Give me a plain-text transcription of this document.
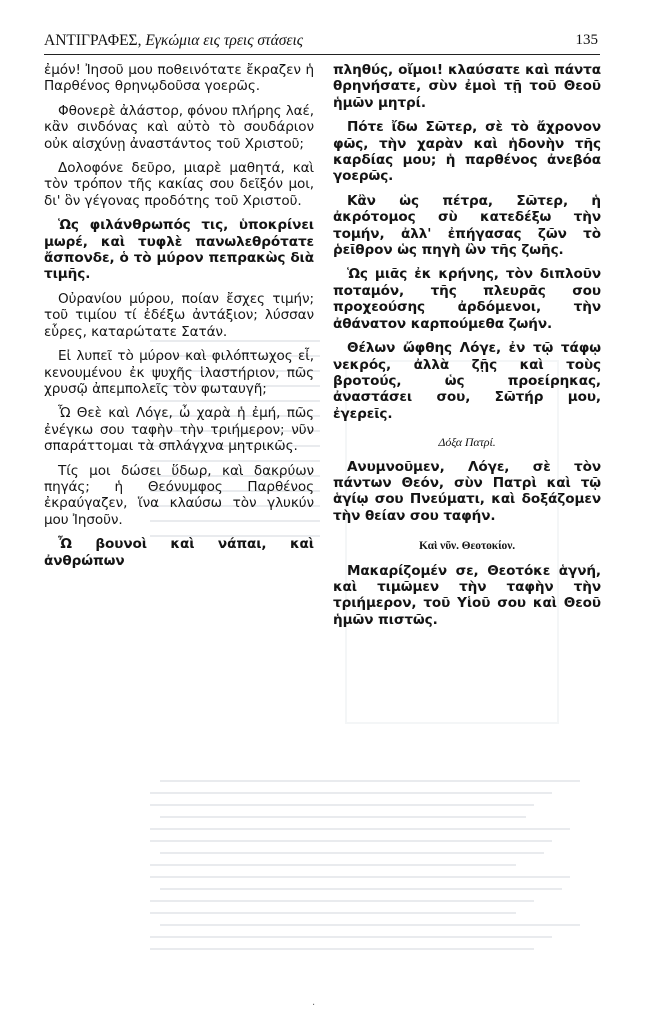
ΑΝΤΙΓΡΑΦΕΣ, Εγκώμια εις τρεις στάσεις	135

ἐμόν! Ἰησοῦ μου ποθεινότατε ἔκραζεν ἡ Παρθένος θρηνῳδοῦσα γοερῶς.

Φθονερὲ ἀλάστορ, φόνου πλήρης λαέ, κἂν σινδόνας καὶ αὐτὸ τὸ σουδάριον οὐκ αἰσχύνῃ ἀναστάντος τοῦ Χριστοῦ;

Δολοφόνε δεῦρο, μιαρὲ μαθητά, καὶ τὸν τρόπον τῆς κακίας σου δεῖξόν μοι, δι' ὃν γέγονας προδότης τοῦ Χριστοῦ.

Ὡς φιλάνθρωπός τις, ὑποκρίνει μωρέ, καὶ τυφλὲ πανωλεθρότατε ἄσπονδε, ὁ τὸ μύρον πεπρακὼς διὰ τιμῆς.

Οὐρανίου μύρου, ποίαν ἔσχες τιμήν; τοῦ τιμίου τί ἐδέξω ἀντάξιον; λύσσαν εὗρες, καταρώτατε Σατάν.

Εἰ λυπεῖ τὸ μύρον καὶ φιλόπτωχος εἶ, κενουμένου ἐκ ψυχῆς ἱλαστήριον, πῶς χρυσῷ ἀπεμπολεῖς τὸν φωταυγῆ;

Ὦ Θεὲ καὶ Λόγε, ὦ χαρὰ ἡ ἐμή, πῶς ἐνέγκω σου ταφὴν τὴν τριήμερον; νῦν σπαράττομαι τὰ σπλάγχνα μητρικῶς.

Τίς μοι δώσει ὕδωρ, καὶ δακρύων πηγάς; ἡ Θεόνυμφος Παρθένος ἐκραύγαζεν, ἵνα κλαύσω τὸν γλυκύν μου Ἰησοῦν.

Ὦ βουνοὶ καὶ νάπαι, καὶ ἀνθρώπων

πληθύς, οἴμοι! κλαύσατε καὶ πάντα θρηνήσατε, σὺν ἐμοὶ τῇ τοῦ Θεοῦ ἡμῶν μητρί.

Πότε ἴδω Σῶτερ, σὲ τὸ ἄχρονον φῶς, τὴν χαρὰν καὶ ἡδονὴν τῆς καρδίας μου; ἡ παρθένος ἀνεβόα γοερῶς.

Κἂν ὡς πέτρα, Σῶτερ, ἡ ἀκρότομος σὺ κατεδέξω τὴν τομήν, ἀλλ' ἐπήγασας ζῶν τὸ ῥεῖθρον ὡς πηγὴ ὢν τῆς ζωῆς.

Ὡς μιᾶς ἐκ κρήνης, τὸν διπλοῦν ποταμόν, τῆς πλευρᾶς σου προχεούσης ἀρδόμενοι, τὴν ἀθάνατον καρπούμεθα ζωήν.

Θέλων ὤφθης Λόγε, ἐν τῷ τάφῳ νεκρός, ἀλλὰ ζῇς καὶ τοὺς βροτούς, ὡς προείρηκας, ἀναστάσει σου, Σῶτήρ μου, ἐγερεῖς.

Δόξα Πατρί.

Ανυμνοῦμεν, Λόγε, σὲ τὸν πάντων Θεόν, σὺν Πατρὶ καὶ τῷ ἁγίῳ σου Πνεύματι, καὶ δοξάζομεν τὴν θείαν σου ταφήν.

Καὶ νῦν. Θεοτοκίον.

Μακαρίζομέν σε, Θεοτόκε ἁγνή, καὶ τιμῶμεν τὴν ταφὴν τὴν τριήμερον, τοῦ Υἱοῦ σου καὶ Θεοῦ ἡμῶν πιστῶς.

·
